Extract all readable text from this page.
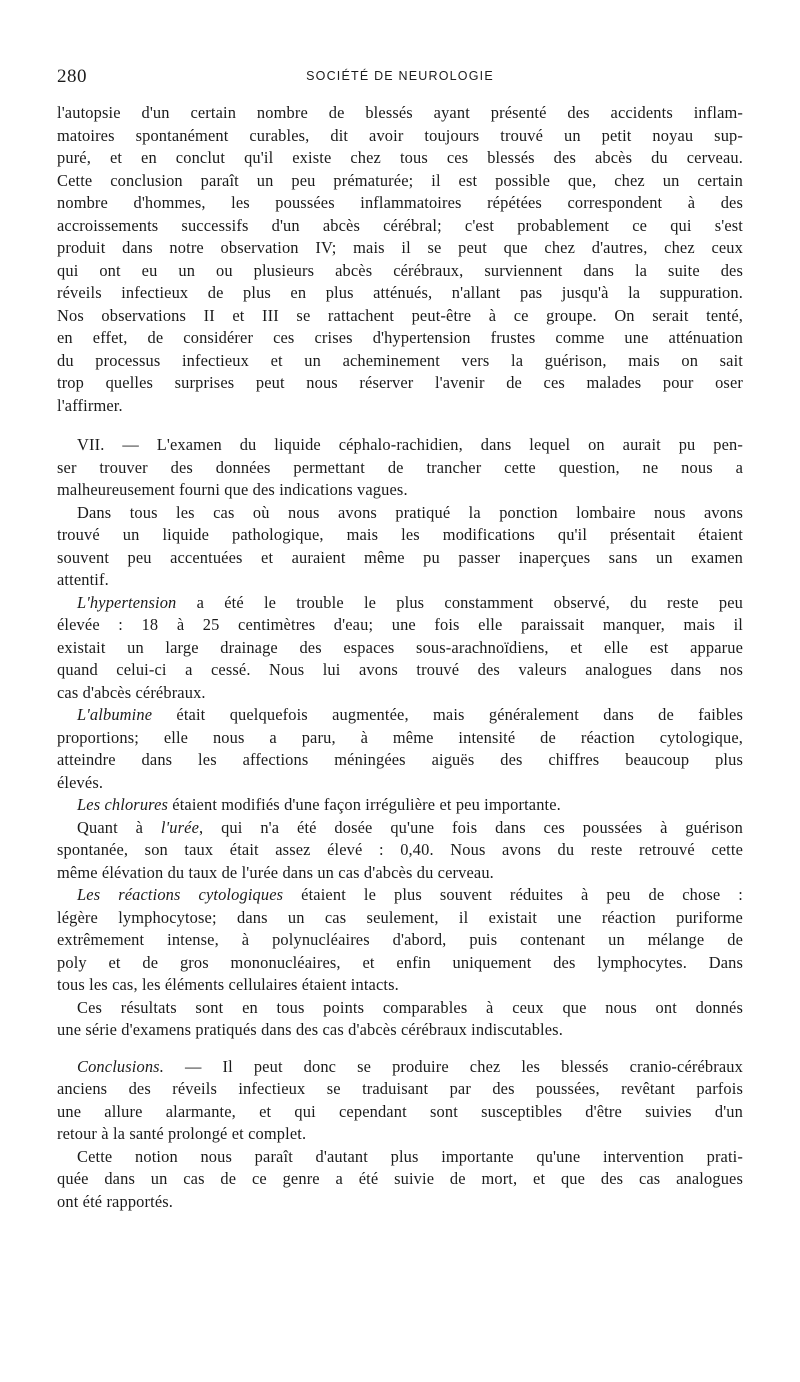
280	SOCIÉTÉ DE NEUROLOGIE
l'autopsie d'un certain nombre de blessés ayant présenté des accidents inflam-
matoires spontanément curables, dit avoir toujours trouvé un petit noyau sup-
puré, et en conclut qu'il existe chez tous ces blessés des abcès du cerveau.
Cette conclusion paraît un peu prématurée; il est possible que, chez un certain
nombre d'hommes, les poussées inflammatoires répétées correspondent à des
accroissements successifs d'un abcès cérébral; c'est probablement ce qui s'est
produit dans notre observation IV; mais il se peut que chez d'autres, chez ceux
qui ont eu un ou plusieurs abcès cérébraux, surviennent dans la suite des
réveils infectieux de plus en plus atténués, n'allant pas jusqu'à la suppuration.
Nos observations II et III se rattachent peut-être à ce groupe. On serait tenté,
en effet, de considérer ces crises d'hypertension frustes comme une atténuation
du processus infectieux et un acheminement vers la guérison, mais on sait
trop quelles surprises peut nous réserver l'avenir de ces malades pour oser
l'affirmer.
VII. — L'examen du liquide céphalo-rachidien, dans lequel on aurait pu pen-
ser trouver des données permettant de trancher cette question, ne nous a
malheureusement fourni que des indications vagues.
Dans tous les cas où nous avons pratiqué la ponction lombaire nous avons
trouvé un liquide pathologique, mais les modifications qu'il présentait étaient
souvent peu accentuées et auraient même pu passer inaperçues sans un examen
attentif.
L'hypertension a été le trouble le plus constamment observé, du reste peu
élevée : 18 à 25 centimètres d'eau; une fois elle paraissait manquer, mais il
existait un large drainage des espaces sous-arachnoïdiens, et elle est apparue
quand celui-ci a cessé. Nous lui avons trouvé des valeurs analogues dans nos
cas d'abcès cérébraux.
L'albumine était quelquefois augmentée, mais généralement dans de faibles
proportions; elle nous a paru, à même intensité de réaction cytologique,
atteindre dans les affections méningées aiguës des chiffres beaucoup plus
élevés.
Les chlorures étaient modifiés d'une façon irrégulière et peu importante.
Quant à l'urée, qui n'a été dosée qu'une fois dans ces poussées à guérison
spontanée, son taux était assez élevé : 0,40. Nous avons du reste retrouvé cette
même élévation du taux de l'urée dans un cas d'abcès du cerveau.
Les réactions cytologiques étaient le plus souvent réduites à peu de chose :
légère lymphocytose; dans un cas seulement, il existait une réaction puriforme
extrêmement intense, à polynucléaires d'abord, puis contenant un mélange de
poly et de gros mononucléaires, et enfin uniquement des lymphocytes. Dans
tous les cas, les éléments cellulaires étaient intacts.
Ces résultats sont en tous points comparables à ceux que nous ont donnés
une série d'examens pratiqués dans des cas d'abcès cérébraux indiscutables.
Conclusions. — Il peut donc se produire chez les blessés cranio-cérébraux
anciens des réveils infectieux se traduisant par des poussées, revêtant parfois
une allure alarmante, et qui cependant sont susceptibles d'être suivies d'un
retour à la santé prolongé et complet.
Cette notion nous paraît d'autant plus importante qu'une intervention prati-
quée dans un cas de ce genre a été suivie de mort, et que des cas analogues
ont été rapportés.
